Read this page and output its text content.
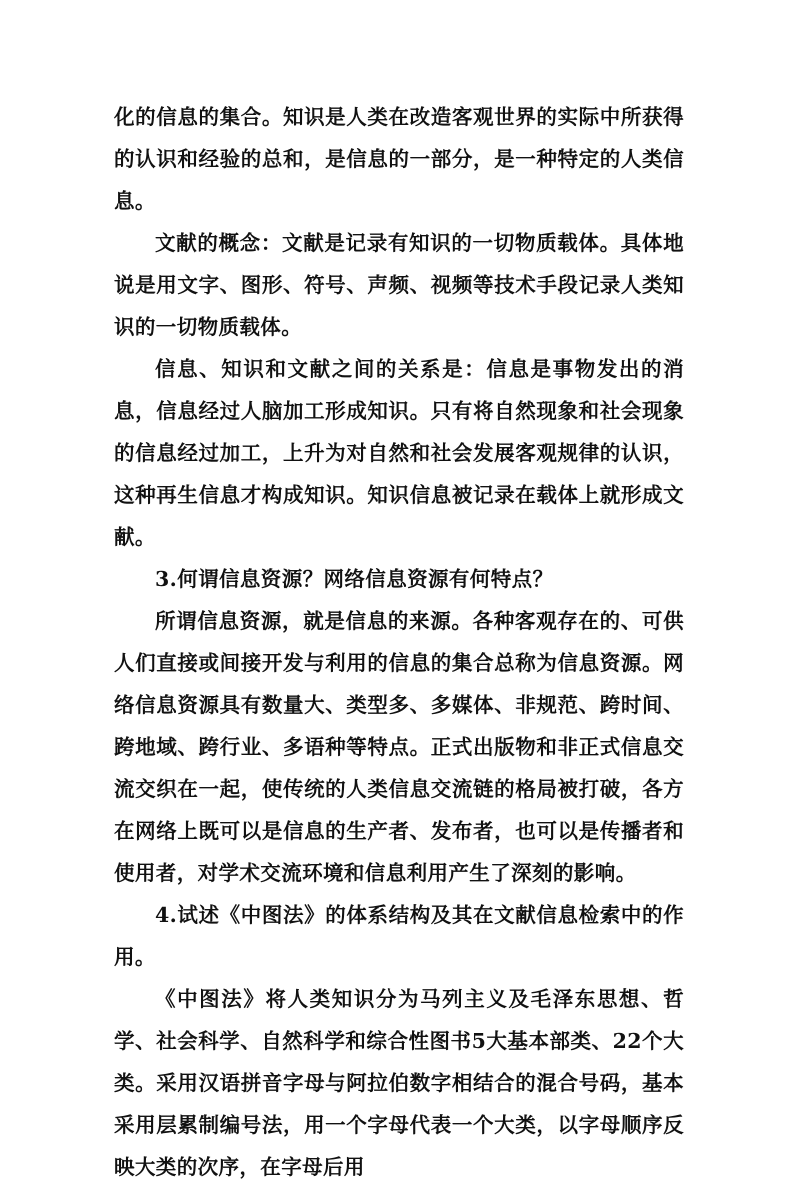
化的信息的集合。知识是人类在改造客观世界的实际中所获得的认识和经验的总和，是信息的一部分，是一种特定的人类信息。

文献的概念：文献是记录有知识的一切物质载体。具体地说是用文字、图形、符号、声频、视频等技术手段记录人类知识的一切物质载体。

信息、知识和文献之间的关系是：信息是事物发出的消息，信息经过人脑加工形成知识。只有将自然现象和社会现象的信息经过加工，上升为对自然和社会发展客观规律的认识，这种再生信息才构成知识。知识信息被记录在载体上就形成文献。

3.何谓信息资源？网络信息资源有何特点？

所谓信息资源，就是信息的来源。各种客观存在的、可供人们直接或间接开发与利用的信息的集合总称为信息资源。网络信息资源具有数量大、类型多、多媒体、非规范、跨时间、跨地域、跨行业、多语种等特点。正式出版物和非正式信息交流交织在一起，使传统的人类信息交流链的格局被打破，各方在网络上既可以是信息的生产者、发布者，也可以是传播者和使用者，对学术交流环境和信息利用产生了深刻的影响。

4.试述《中图法》的体系结构及其在文献信息检索中的作用。

《中图法》将人类知识分为马列主义及毛泽东思想、哲学、社会科学、自然科学和综合性图书5大基本部类、22个大类。采用汉语拼音字母与阿拉伯数字相结合的混合号码，基本采用层累制编号法，用一个字母代表一个大类，以字母顺序反映大类的次序，在字母后用
